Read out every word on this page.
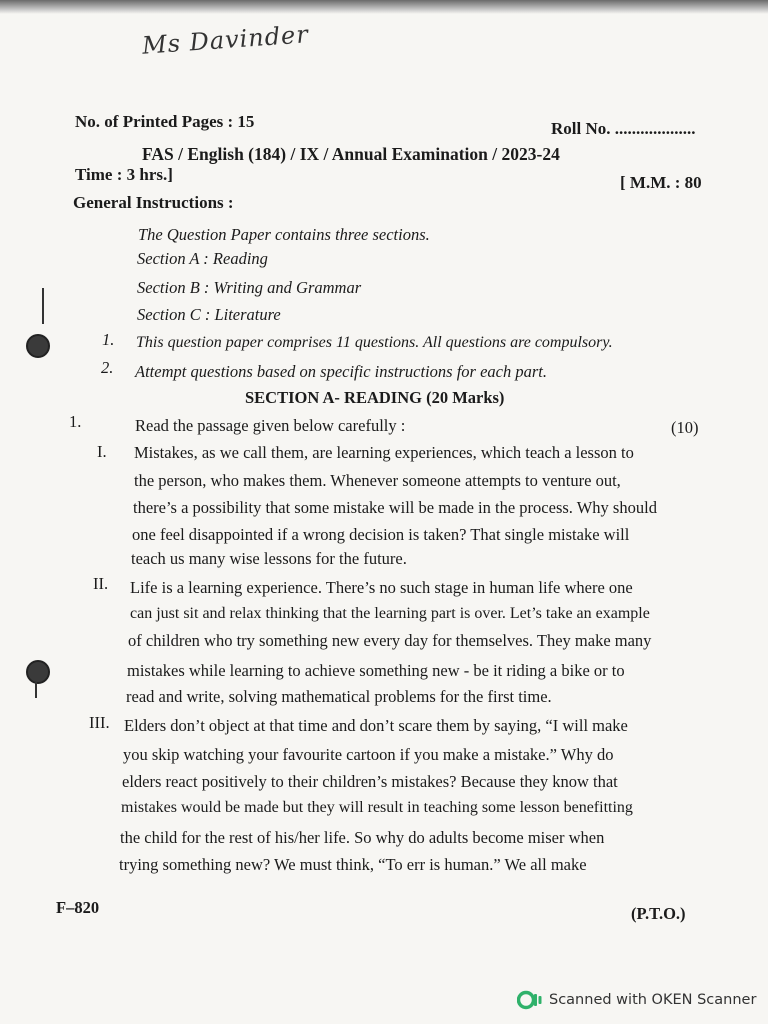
Ms Davinder
No. of Printed Pages : 15	Roll No. ...................
FAS / English (184) / IX / Annual Examination / 2023-24
Time : 3 hrs.]	[ M.M. : 80
General Instructions :
The Question Paper contains three sections.
Section A : Reading
Section B : Writing and Grammar
Section C : Literature
1. This question paper comprises 11 questions. All questions are compulsory.
2. Attempt questions based on specific instructions for each part.
SECTION A- READING (20 Marks)
1.	Read the passage given below carefully :	(10)
I. Mistakes, as we call them, are learning experiences, which teach a lesson to
the person, who makes them. Whenever someone attempts to venture out,
there’s a possibility that some mistake will be made in the process. Why should
one feel disappointed if a wrong decision is taken? That single mistake will
teach us many wise lessons for the future.
II. Life is a learning experience. There’s no such stage in human life where one
can just sit and relax thinking that the learning part is over. Let’s take an example
of children who try something new every day for themselves. They make many
mistakes while learning to achieve something new - be it riding a bike or to
read and write, solving mathematical problems for the first time.
III. Elders don’t object at that time and don’t scare them by saying, “I will make
you skip watching your favourite cartoon if you make a mistake.” Why do
elders react positively to their children’s mistakes? Because they know that
mistakes would be made but they will result in teaching some lesson benefitting
the child for the rest of his/her life. So why do adults become miser when
trying something new? We must think, “To err is human.” We all make
F–820	(P.T.O.)
Scanned with OKEN Scanner
